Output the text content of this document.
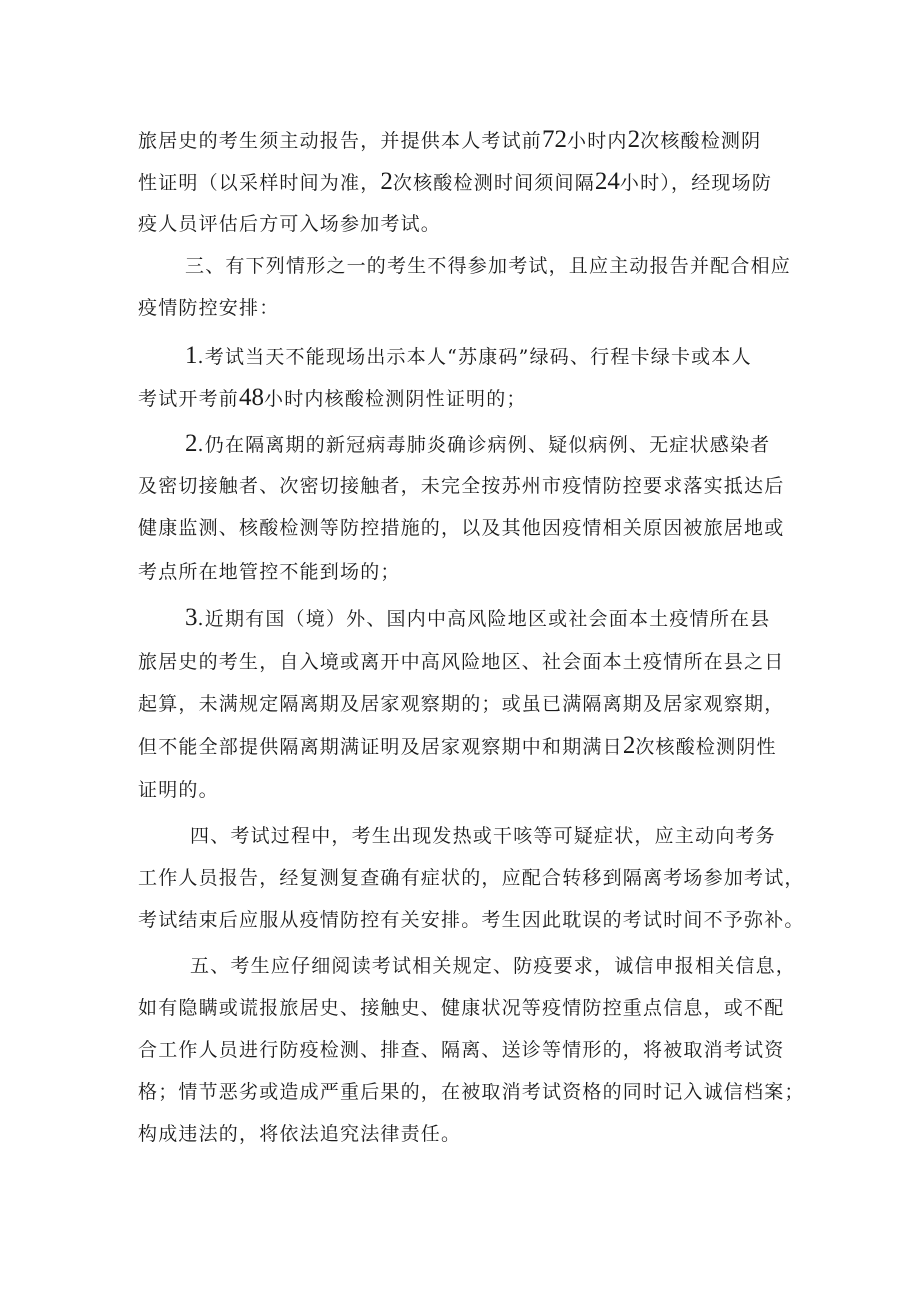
旅居史的考生须主动报告，并提供本人考试前72小时内2次核酸检测阴
性证明（以采样时间为准，2次核酸检测时间须间隔24小时），经现场防
疫人员评估后方可入场参加考试。
三、有下列情形之一的考生不得参加考试，且应主动报告并配合相应
疫情防控安排：
1.考试当天不能现场出示本人“苏康码”绿码、行程卡绿卡或本人
考试开考前48小时内核酸检测阴性证明的；
2.仍在隔离期的新冠病毒肺炎确诊病例、疑似病例、无症状感染者
及密切接触者、次密切接触者，未完全按苏州市疫情防控要求落实抵达后
健康监测、核酸检测等防控措施的，以及其他因疫情相关原因被旅居地或
考点所在地管控不能到场的；
3.近期有国（境）外、国内中高风险地区或社会面本土疫情所在县
旅居史的考生，自入境或离开中高风险地区、社会面本土疫情所在县之日
起算，未满规定隔离期及居家观察期的；或虽已满隔离期及居家观察期，
但不能全部提供隔离期满证明及居家观察期中和期满日2次核酸检测阴性
证明的。
四、考试过程中，考生出现发热或干咳等可疑症状，应主动向考务
工作人员报告，经复测复查确有症状的，应配合转移到隔离考场参加考试，
考试结束后应服从疫情防控有关安排。考生因此耽误的考试时间不予弥补。
五、考生应仔细阅读考试相关规定、防疫要求，诚信申报相关信息，
如有隐瞒或谎报旅居史、接触史、健康状况等疫情防控重点信息，或不配
合工作人员进行防疫检测、排查、隔离、送诊等情形的，将被取消考试资
格；情节恶劣或造成严重后果的，在被取消考试资格的同时记入诚信档案；
构成违法的，将依法追究法律责任。
